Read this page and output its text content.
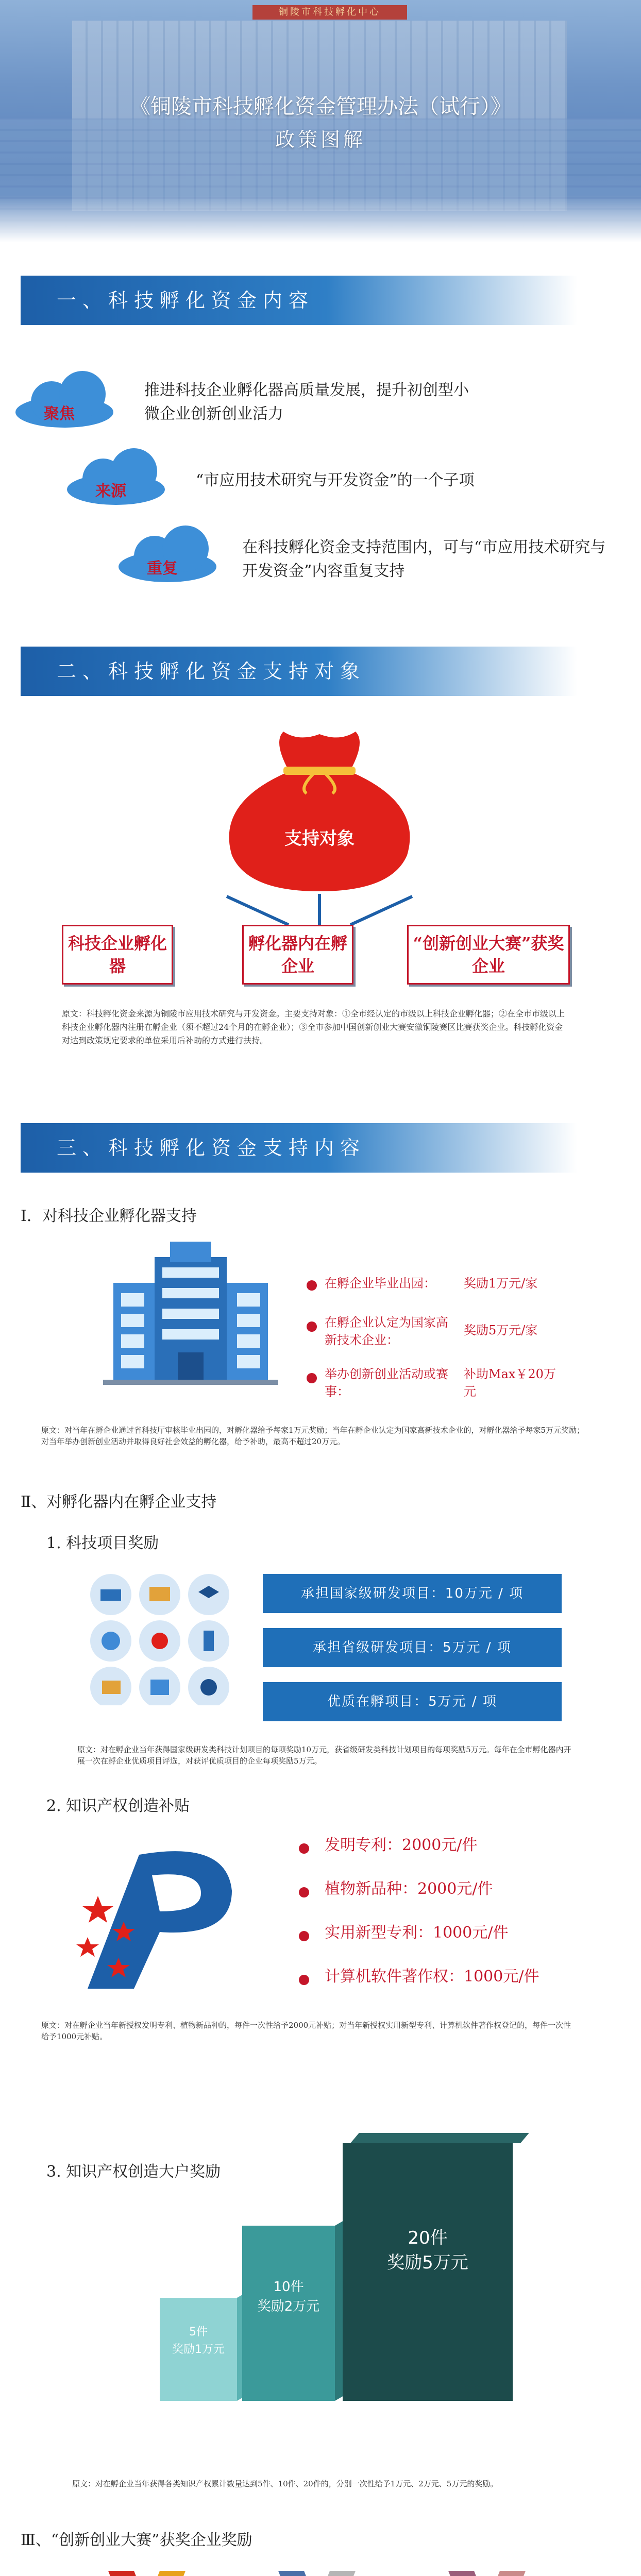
铜陵市科技孵化中心
《铜陵市科技孵化资金管理办法（试行）》
政策图解
一、科技孵化资金内容
聚焦
推进科技企业孵化器高质量发展，提升初创型小微企业创新创业活力
来源
“市应用技术研究与开发资金”的一个子项
重复
在科技孵化资金支持范围内，可与“市应用技术研究与开发资金”内容重复支持
二、科技孵化资金支持对象
支持对象
科技企业孵化器
孵化器内在孵企业
“创新创业大赛”获奖企业
原文：科技孵化资金来源为铜陵市应用技术研究与开发资金。主要支持对象：①全市经认定的市级以上科技企业孵化器；②在全市市级以上科技企业孵化器内注册在孵企业（须不超过24个月的在孵企业）；③全市参加中国创新创业大赛安徽铜陵赛区比赛获奖企业。科技孵化资金对达到政策规定要求的单位采用后补助的方式进行扶持。
三、科技孵化资金支持内容
Ⅰ．对科技企业孵化器支持
在孵企业毕业出园：	奖励1万元/家
在孵企业认定为国家高新技术企业：
奖励5万元/家
举办创新创业活动或赛事：
补助Max￥20万元
原文：对当年在孵企业通过省科技厅审核毕业出园的，对孵化器给予每家1万元奖励；当年在孵企业认定为国家高新技术企业的，对孵化器给予每家5万元奖励；对当年举办创新创业活动并取得良好社会效益的孵化器，给予补助，最高不超过20万元。
Ⅱ、对孵化器内在孵企业支持
1. 科技项目奖励
承担国家级研发项目：10万元 / 项
承担省级研发项目：5万元 / 项
优质在孵项目：5万元 / 项
原文：对在孵企业当年获得国家级研发类科技计划项目的每项奖励10万元，获省级研发类科技计划项目的每项奖励5万元。每年在全市孵化器内开展一次在孵企业优质项目评选，对获评优质项目的企业每项奖励5万元。
2. 知识产权创造补贴
发明专利：2000元/件
植物新品种：2000元/件
实用新型专利：1000元/件
计算机软件著作权：1000元/件
原文：对在孵企业当年新授权发明专利、植物新品种的，每件一次性给予2000元补贴；对当年新授权实用新型专利、计算机软件著作权登记的，每件一次性给予1000元补贴。
3. 知识产权创造大户奖励
5件
奖励1万元
10件
奖励2万元
20件
奖励5万元
原文：对在孵企业当年获得各类知识产权累计数量达到5件、10件、20件的，分别一次性给予1万元、2万元、5万元的奖励。
Ⅲ、“创新创业大赛”获奖企业奖励
